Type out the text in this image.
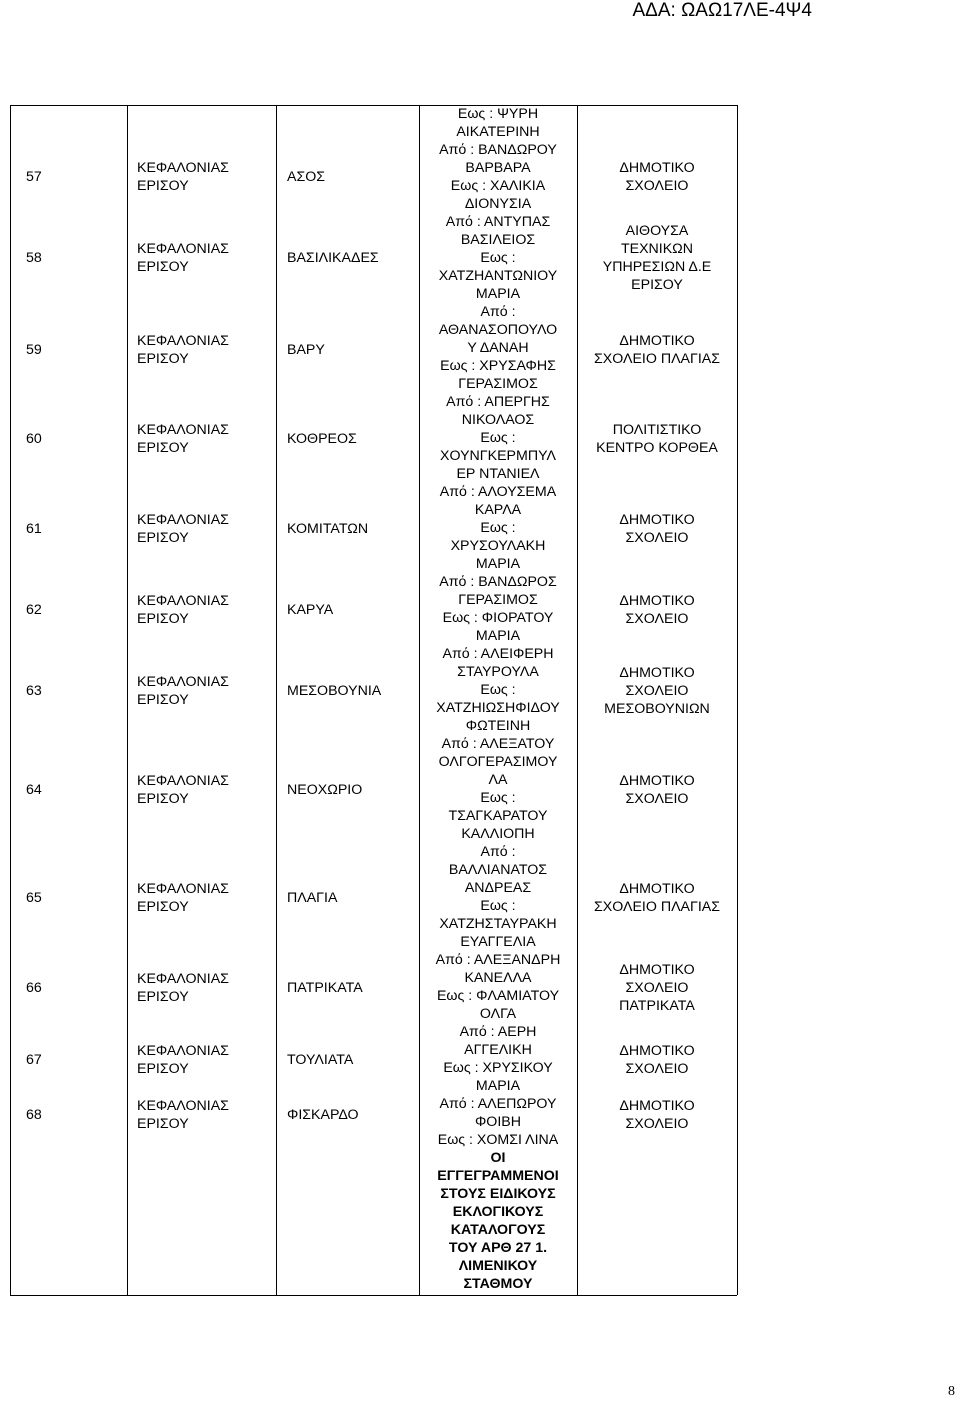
ΑΔΑ: ΩΑΩ17ΛΕ-4Ψ4
57
ΚΕΦΑΛΟΝΙΑΣ
ΕΡΙΣΟΥ
ΑΣΟΣ
ΔΗΜΟΤΙΚΟ
ΣΧΟΛΕΙΟ
58
ΚΕΦΑΛΟΝΙΑΣ
ΕΡΙΣΟΥ
ΒΑΣΙΛΙΚΑΔΕΣ
ΑΙΘΟΥΣΑ
ΤΕΧΝΙΚΩΝ
ΥΠΗΡΕΣΙΩΝ Δ.Ε
ΕΡΙΣΟΥ
59
ΚΕΦΑΛΟΝΙΑΣ
ΕΡΙΣΟΥ
ΒΑΡΥ
ΔΗΜΟΤΙΚΟ
ΣΧΟΛΕΙΟ ΠΛΑΓΙΑΣ
60
ΚΕΦΑΛΟΝΙΑΣ
ΕΡΙΣΟΥ
ΚΟΘΡΕΟΣ
ΠΟΛΙΤΙΣΤΙΚΟ
ΚΕΝΤΡΟ ΚΟΡΘΕΑ
61
ΚΕΦΑΛΟΝΙΑΣ
ΕΡΙΣΟΥ
ΚΟΜΙΤΑΤΩΝ
ΔΗΜΟΤΙΚΟ
ΣΧΟΛΕΙΟ
62
ΚΕΦΑΛΟΝΙΑΣ
ΕΡΙΣΟΥ
ΚΑΡΥΑ
ΔΗΜΟΤΙΚΟ
ΣΧΟΛΕΙΟ
63
ΚΕΦΑΛΟΝΙΑΣ
ΕΡΙΣΟΥ
ΜΕΣΟΒΟΥΝΙΑ
ΔΗΜΟΤΙΚΟ
ΣΧΟΛΕΙΟ
ΜΕΣΟΒΟΥΝΙΩΝ
64
ΚΕΦΑΛΟΝΙΑΣ
ΕΡΙΣΟΥ
ΝΕΟΧΩΡΙΟ
ΔΗΜΟΤΙΚΟ
ΣΧΟΛΕΙΟ
65
ΚΕΦΑΛΟΝΙΑΣ
ΕΡΙΣΟΥ
ΠΛΑΓΙΑ
ΔΗΜΟΤΙΚΟ
ΣΧΟΛΕΙΟ ΠΛΑΓΙΑΣ
66
ΚΕΦΑΛΟΝΙΑΣ
ΕΡΙΣΟΥ
ΠΑΤΡΙΚΑΤΑ
ΔΗΜΟΤΙΚΟ
ΣΧΟΛΕΙΟ
ΠΑΤΡΙΚΑΤΑ
67
ΚΕΦΑΛΟΝΙΑΣ
ΕΡΙΣΟΥ
ΤΟΥΛΙΑΤΑ
ΔΗΜΟΤΙΚΟ
ΣΧΟΛΕΙΟ
68
ΚΕΦΑΛΟΝΙΑΣ
ΕΡΙΣΟΥ
ΦΙΣΚΑΡΔΟ
ΔΗΜΟΤΙΚΟ
ΣΧΟΛΕΙΟ
Εως : ΨΥΡΗ
ΑΙΚΑΤΕΡΙΝΗ
Από : ΒΑΝΔΩΡΟΥ
ΒΑΡΒΑΡΑ
Εως : ΧΑΛΙΚΙΑ
ΔΙΟΝΥΣΙΑ
Από : ΑΝΤΥΠΑΣ
ΒΑΣΙΛΕΙΟΣ
Εως :
ΧΑΤΖΗΑΝΤΩΝΙΟΥ
ΜΑΡΙΑ
Από :
ΑΘΑΝΑΣΟΠΟΥΛΟ
Υ ΔΑΝΑΗ
Εως : ΧΡΥΣΑΦΗΣ
ΓΕΡΑΣΙΜΟΣ
Από : ΑΠΕΡΓΗΣ
ΝΙΚΟΛΑΟΣ
Εως :
ΧΟΥΝΓΚΕΡΜΠΥΛ
ΕΡ ΝΤΑΝΙΕΛ
Από : ΑΛΟΥΣΕΜΑ
ΚΑΡΛΑ
Εως :
ΧΡΥΣΟΥΛΑΚΗ
ΜΑΡΙΑ
Από : ΒΑΝΔΩΡΟΣ
ΓΕΡΑΣΙΜΟΣ
Εως : ΦΙΟΡΑΤΟΥ
ΜΑΡΙΑ
Από : ΑΛΕΙΦΕΡΗ
ΣΤΑΥΡΟΥΛΑ
Εως :
ΧΑΤΖΗΙΩΣΗΦΙΔΟΥ
ΦΩΤΕΙΝΗ
Από : ΑΛΕΞΑΤΟΥ
ΟΛΓΟΓΕΡΑΣΙΜΟΥ
ΛΑ
Εως :
ΤΣΑΓΚΑΡΑΤΟΥ
ΚΑΛΛΙΟΠΗ
Από :
ΒΑΛΛΙΑΝΑΤΟΣ
ΑΝΔΡΕΑΣ
Εως :
ΧΑΤΖΗΣΤΑΥΡΑΚΗ
ΕΥΑΓΓΕΛΙΑ
Από : ΑΛΕΞΑΝΔΡΗ
ΚΑΝΕΛΛΑ
Εως : ΦΛΑΜΙΑΤΟΥ
ΟΛΓΑ
Από : ΑΕΡΗ
ΑΓΓΕΛΙΚΗ
Εως : ΧΡΥΣΙΚΟΥ
ΜΑΡΙΑ
Από : ΑΛΕΠΩΡΟΥ
ΦΟΙΒΗ
Εως : ΧΟΜΣΙ ΛΙΝΑ
ΟΙ
ΕΓΓΕΓΡΑΜΜΕΝΟΙ
ΣΤΟΥΣ ΕΙΔΙΚΟΥΣ
ΕΚΛΟΓΙΚΟΥΣ
ΚΑΤΑΛΟΓΟΥΣ
ΤΟΥ ΑΡΘ 27 1.
ΛΙΜΕΝΙΚΟΥ
ΣΤΑΘΜΟΥ
8
